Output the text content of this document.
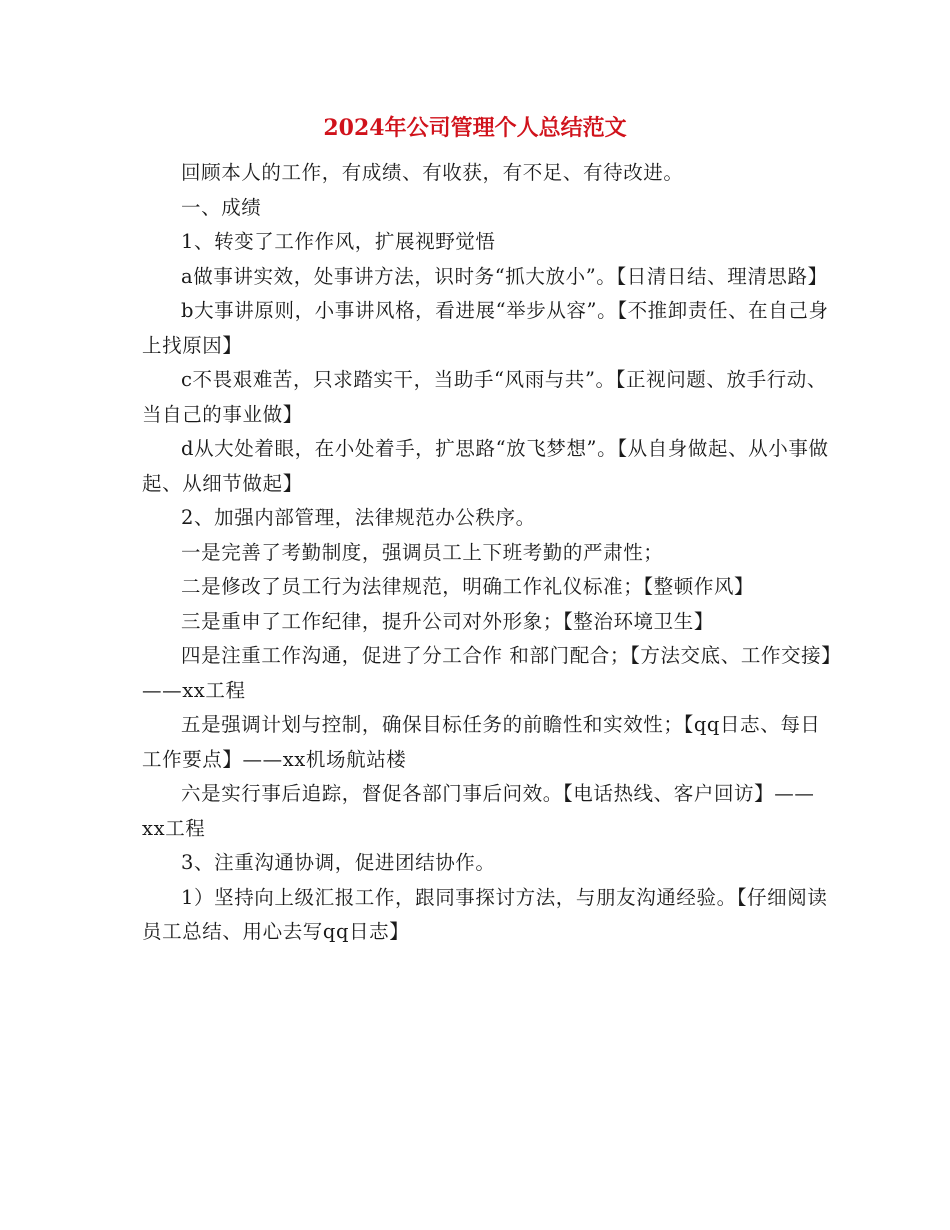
2024年公司管理个人总结范文

回顾本人的工作，有成绩、有收获，有不足、有待改进。

一、成绩

1、转变了工作作风，扩展视野觉悟

a做事讲实效，处事讲方法，识时务“抓大放小”。【日清日结、理清思路】

b大事讲原则，小事讲风格，看进展“举步从容”。【不推卸责任、在自己身上找原因】

c不畏艰难苦，只求踏实干，当助手“风雨与共”。【正视问题、放手行动、当自己的事业做】

d从大处着眼，在小处着手，扩思路“放飞梦想”。【从自身做起、从小事做起、从细节做起】

2、加强内部管理，法律规范办公秩序。

一是完善了考勤制度，强调员工上下班考勤的严肃性；

二是修改了员工行为法律规范，明确工作礼仪标准；【整顿作风】

三是重申了工作纪律，提升公司对外形象；【整治环境卫生】

四是注重工作沟通，促进了分工合作 和部门配合；【方法交底、工作交接】——xx工程

五是强调计划与控制，确保目标任务的前瞻性和实效性；【qq日志、每日工作要点】——xx机场航站楼

六是实行事后追踪，督促各部门事后问效。【电话热线、客户回访】——xx工程

3、注重沟通协调，促进团结协作。

1）坚持向上级汇报工作，跟同事探讨方法，与朋友沟通经验。【仔细阅读员工总结、用心去写qq日志】
